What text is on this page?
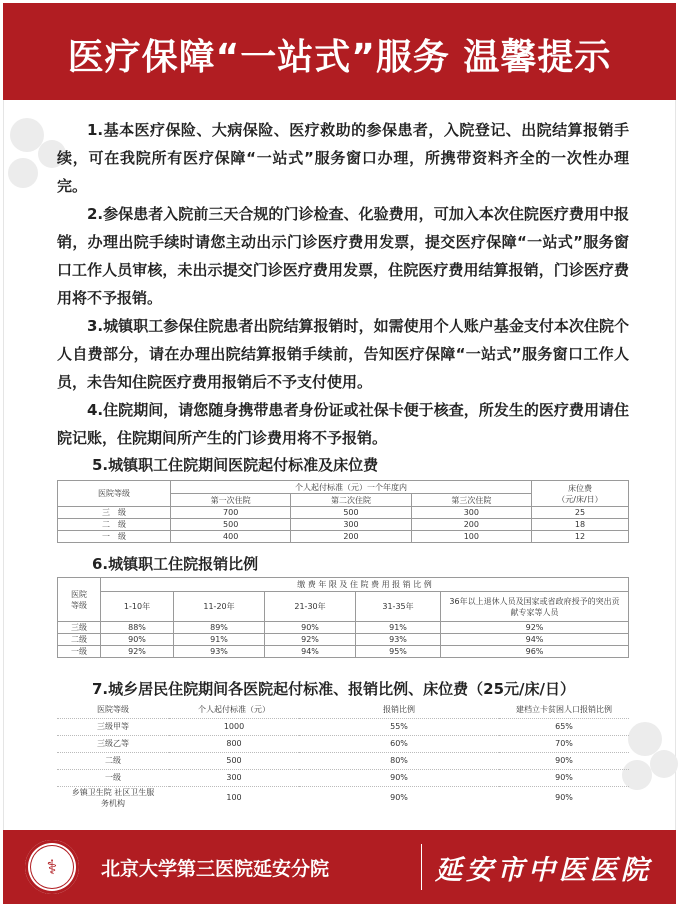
医疗保障“一站式”服务 温馨提示
1.基本医疗保险、大病保险、医疗救助的参保患者，入院登记、出院结算报销手续，可在我院所有医疗保障“一站式”服务窗口办理，所携带资料齐全的一次性办理完。
2.参保患者入院前三天合规的门诊检查、化验费用，可加入本次住院医疗费用中报销，办理出院手续时请您主动出示门诊医疗费用发票，提交医疗保障“一站式”服务窗口工作人员审核，未出示提交门诊医疗费用发票，住院医疗费用结算报销，门诊医疗费用将不予报销。
3.城镇职工参保住院患者出院结算报销时，如需使用个人账户基金支付本次住院个人自费部分，请在办理出院结算报销手续前，告知医疗保障“一站式”服务窗口工作人员，未告知住院医疗费用报销后不予支付使用。
4.住院期间，请您随身携带患者身份证或社保卡便于核查，所发生的医疗费用请住院记账，住院期间所产生的门诊费用将不予报销。
5.城镇职工住院期间医院起付标准及床位费
医院等级	个人起付标准（元）一个年度内			床位费
（元/床/日）

	第一次住院	第二次住院	第三次住院	
三　级	700	500	300	25
二　级	500	300	200	18
一　级	400	200	100	12
6.城镇职工住院报销比例
医院
等级	缴 费 年 限 及 住 院 费 用 报 销 比 例				
	1-10年	11-20年	21-30年	31-35年	36年以上退休人员及国家或省政府授予的突出贡献专家等人员
三级	88%	89%	90%	91%	92%
二级	90%	91%	92%	93%	94%
一级	92%	93%	94%	95%	96%
7.城乡居民住院期间各医院起付标准、报销比例、床位费（25元/床/日）
医院等级	个人起付标准（元）	报销比例	建档立卡贫困人口报销比例
三级甲等	1000	55%	65%
三级乙等	800	60%	70%
二级	500	80%	90%
一级	300	90%	90%
乡镇卫生院 社区卫生服务机构	100	90%	90%
⚕ 北京大学第三医院延安分院	延安市中医医院
